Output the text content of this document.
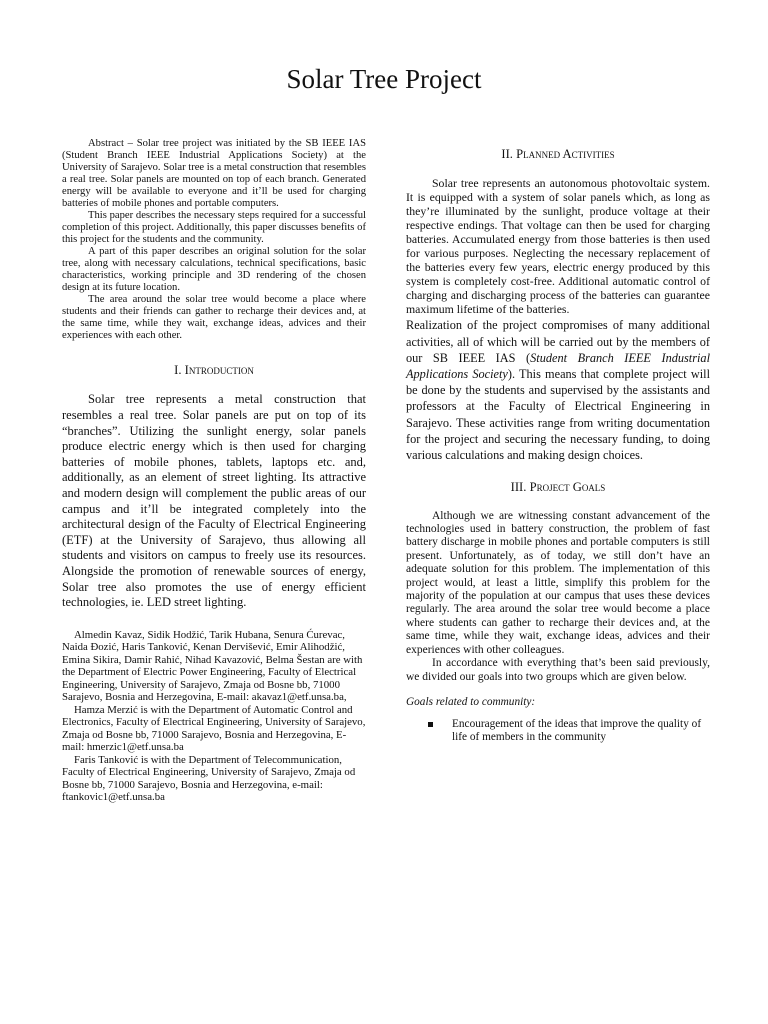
Solar Tree Project

Abstract – Solar tree project was initiated by the SB IEEE IAS (Student Branch IEEE Industrial Applications Society) at the University of Sarajevo. Solar tree is a metal construction that resembles a real tree. Solar panels are mounted on top of each branch. Generated energy will be available to everyone and it’ll be used for charging batteries of mobile phones and portable computers.

This paper describes the necessary steps required for a successful completion of this project. Additionally, this paper discusses benefits of this project for the students and the community.

A part of this paper describes an original solution for the solar tree, along with necessary calculations, technical specifications, basic characteristics, working principle and 3D rendering of the chosen design at its future location.

The area around the solar tree would become a place where students and their friends can gather to recharge their devices and, at the same time, while they wait, exchange ideas, advices and their experiences with each other.

I. Introduction

Solar tree represents a metal construction that resembles a real tree. Solar panels are put on top of its “branches”. Utilizing the sunlight energy, solar panels produce electric energy which is then used for charging batteries of mobile phones, tablets, laptops etc. and, additionally, as an element of street lighting. Its attractive and modern design will complement the public areas of our campus and it’ll be integrated completely into the architectural design of the Faculty of Electrical Engineering (ETF) at the University of Sarajevo, thus allowing all students and visitors on campus to freely use its resources. Alongside the promotion of renewable sources of energy, Solar tree also promotes the use of energy efficient technologies, ie. LED street lighting.

Almedin Kavaz, Sidik Hodžić, Tarik Hubana, Senura Ćurevac, Naida Đozić, Haris Tanković, Kenan Dervišević, Emir Alihodžić, Emina Sikira, Damir Rahić, Nihad Kavazović, Belma Šestan are with the Department of Electric Power Engineering, Faculty of Electrical Engineering, University of Sarajevo, Zmaja od Bosne bb, 71000 Sarajevo, Bosnia and Herzegovina, E-mail: akavaz1@etf.unsa.ba,

Hamza Merzić is with the Department of Automatic Control and Electronics, Faculty of Electrical Engineering, University of Sarajevo, Zmaja od Bosne bb, 71000 Sarajevo, Bosnia and Herzegovina, E-mail: hmerzic1@etf.unsa.ba

Faris Tanković is with the Department of Telecommunication, Faculty of Electrical Engineering, University of Sarajevo, Zmaja od Bosne bb, 71000 Sarajevo, Bosnia and Herzegovina, e-mail: ftankovic1@etf.unsa.ba

II. Planned Activities

Solar tree represents an autonomous photovoltaic system. It is equipped with a system of solar panels which, as long as they’re illuminated by the sunlight, produce voltage at their respective endings. That voltage can then be used for charging batteries. Accumulated energy from those batteries is then used for various purposes. Neglecting the necessary replacement of the batteries every few years, electric energy produced by this system is completely cost-free. Additional automatic control of charging and discharging process of the batteries can guarantee maximum lifetime of the batteries.

Realization of the project compromises of many additional activities, all of which will be carried out by the members of our SB IEEE IAS (Student Branch IEEE Industrial Applications Society). This means that complete project will be done by the students and supervised by the assistants and professors at the Faculty of Electrical Engineering in Sarajevo. These activities range from writing documentation for the project and securing the necessary funding, to doing various calculations and making design choices.

III. Project Goals

Although we are witnessing constant advancement of the technologies used in battery construction, the problem of fast battery discharge in mobile phones and portable computers is still present. Unfortunately, as of today, we still don’t have an adequate solution for this problem. The implementation of this project would, at least a little, simplify this problem for the majority of the population at our campus that uses these devices regularly. The area around the solar tree would become a place where students can gather to recharge their devices and, at the same time, while they wait, exchange ideas, advices and their experiences with other colleagues.

In accordance with everything that’s been said previously, we divided our goals into two groups which are given below.

Goals related to community:

Encouragement of the ideas that improve the quality of life of members in the community
